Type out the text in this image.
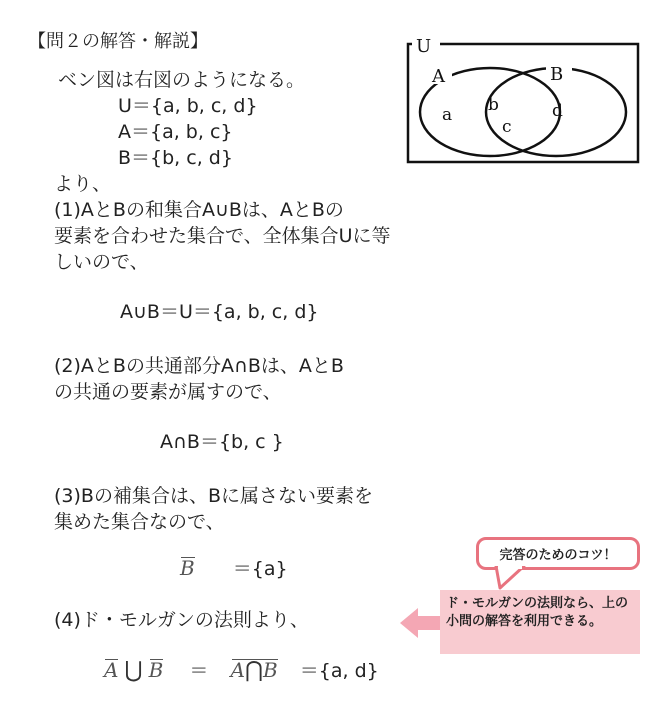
【問２の解答・解説】
ベン図は右図のようになる。
U＝{a, b, c, d}
A＝{a, b, c}
B＝{b, c, d}
より、
(1)AとBの和集合A∪Bは、AとBの
要素を合わせた集合で、全体集合Uに等
しいので、
A∪B＝U＝{a, b, c, d}
(2)AとBの共通部分A∩Bは、AとB
の共通の要素が属すので、
A∩B＝{b, c }
(3)Bの補集合は、Bに属さない要素を
集めた集合なので、
B ＝{a}
(4)ド・モルガンの法則より、
A ⋃ B ＝ A⋂B ＝{a, d}
U
A	B
a b
c
d
完答のためのコツ！
ド・モルガンの法則なら、上の小問の解答を利用できる。
